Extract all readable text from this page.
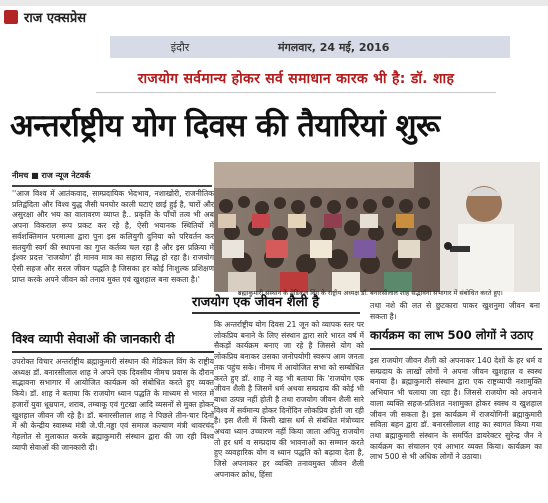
राज एक्सप्रेस
इंदौर	मंगलवार, 24 मई, 2016
राजयोग सर्वमान्य होकर सर्व समाधान कारक भी है: डॉ. शाह
अन्तर्राष्ट्रीय योग दिवस की तैयारियां शुरू
नीमच ■ राज न्यूज नेटवर्क
''आज विश्व में आतंकवाद, साम्प्रदायिक भेदभाव, नशाखोरी, राजनीतिक प्रतिद्वंदिता और विश्व युद्ध जैसी घनघोर काली घटाएं छाई हुई है, चारों और असुरक्षा और भय का वातावरण व्याप्त है.. प्रकृति के पाँचों तत्व भी अब अपना विकराल रूप प्रकट कर रहे है, ऐसी भयानक स्थितियों में सर्वशक्तिमान परमात्मा द्वारा पुनः इस कलियुगी दुनिया को परिवर्तन कर सतयुगी स्वर्ग की स्थापना का गुप्त कर्तव्य चल रहा है और इस प्रक्रिया में ईश्वर प्रदत्त 'राजयोग' ही मानव मात्र का सहारा सिद्ध हो रहा है। राजयोग ऐसी सहज और सरल जीवन पद्धति है जिसका हर कोई निःशुल्क प्रशिक्षण प्राप्त करके अपने जीवन को तनाव मुक्त एवं खुशहाल बना सकता है।'
ब्रह्माकुमारी संस्थान के मेडिकल विंग के राष्ट्रीय अध्यक्ष डॉ. बनारसीलाल शाह सद्भावना सभागार में संबोधित करते हुए।
राजयोग एक जीवन शैली है	तथा नशे की लत से छुटकारा पाकर खुशनुमा जीवन बना सकता है।
विश्व व्यापी सेवाओं की जानकारी दी
उपरोक्त विचार अन्तर्राष्ट्रीय ब्रह्माकुमारी संस्थान की मेडिकल विंग के राष्ट्रीय अध्यक्ष डॉ. बनारसीलाल शाह ने अपने एक दिवसीय नीमच प्रवास के दौरान सद्भावना सभागार में आयोजित कार्यक्रम को संबोधित करते हुए व्यक्त किये। डॉ. शाह ने बताया कि राजयोग ध्यान पद्धति के माध्यम से भारत में हजारों युवा धूम्रपान, शराब, तम्बाकू एवं गुटखा आदि व्यसनों से मुक्त होकर खुशहाल जीवन जी रहे है। डॉ. बनारसीलाल शाह ने पिछले तीन-चार दिनों में श्री केन्द्रीय स्वास्थ्य मंत्री जे.पी.नड्डा एवं समाज कल्याण मंत्री थावरचंद गेहलोत से मुलाकात करके ब्रह्माकुमारी संस्थान द्वारा की जा रही विश्व व्यापी सेवाओं की जानकारी दी।
कि अन्तर्राष्ट्रीय योग दिवस 21 जून को व्यापक स्तर पर लोकप्रिय बनाने के लिए संस्थान द्वारा सारे भारत वर्ष में सैकड़ों कार्यक्रम बनाए जा रहे है जिससे योग को लोकप्रिय बनाकर उसका जनोपयोगी स्वरूप आम जनता तक पहुंच सके। नीमच में आयोजित सभा को सम्बोधित करते हुए डॉ. शाह ने यह भी बताया कि 'राजयोग एक जीवन शैली है जिसमें धर्म अथवा सम्प्रदाय की कोई भी बाधा उत्पन्न नहीं होती है तथा राजयोग जीवन शैली सारे विश्व में सर्वमान्य होकर दिनोंदिन लोकप्रिय होती जा रही है। इस शैली में किसी खास धर्म से संबंधित मंत्रोच्चार अथवा ध्यान उच्चारण नहीं किया जाता अपितु राजयोग तो हर धर्म व सम्प्रदाय की भावनाओं का सम्मान करते हुए व्यवहारिक योग व ध्यान पद्धति को बढ़ावा देता है, जिसे अपनाकर हर व्यक्ति तनावमुक्त जीवन शैली अपनाकर क्रोध, हिंसा
कार्यक्रम का लाभ 500 लोगों ने उठाए
इस राजयोग जीवन शैली को अपनाकर 140 देशों के हर धर्म व सम्प्रदाय के लाखों लोगों ने अपना जीवन खुशहाल व स्वस्थ बनाया है। ब्रह्माकुमारी संस्थान द्वारा एक राष्ट्रव्यापी नशामुक्ति अभियान भी चलाया जा रहा है। जिससे राजयोग को अपनाने वाला व्यक्ति सहज-प्रतिशत नशामुक्त होकर स्वस्थ व खुशहाल जीवन जी सकता है। इस कार्यक्रम में राजयोगिनी ब्रह्माकुमारी सविता बहन द्वारा डॉ. बनारसीलाल शाह का स्वागत किया गया तथा ब्रह्माकुमारी संस्थान के समर्पित डायरेक्टर सुरेन्द्र जैन ने कार्यक्रम का संचालन एवं आभार व्यक्त किया। कार्यक्रम का लाभ 500 से भी अधिक लोगों ने उठाया।
